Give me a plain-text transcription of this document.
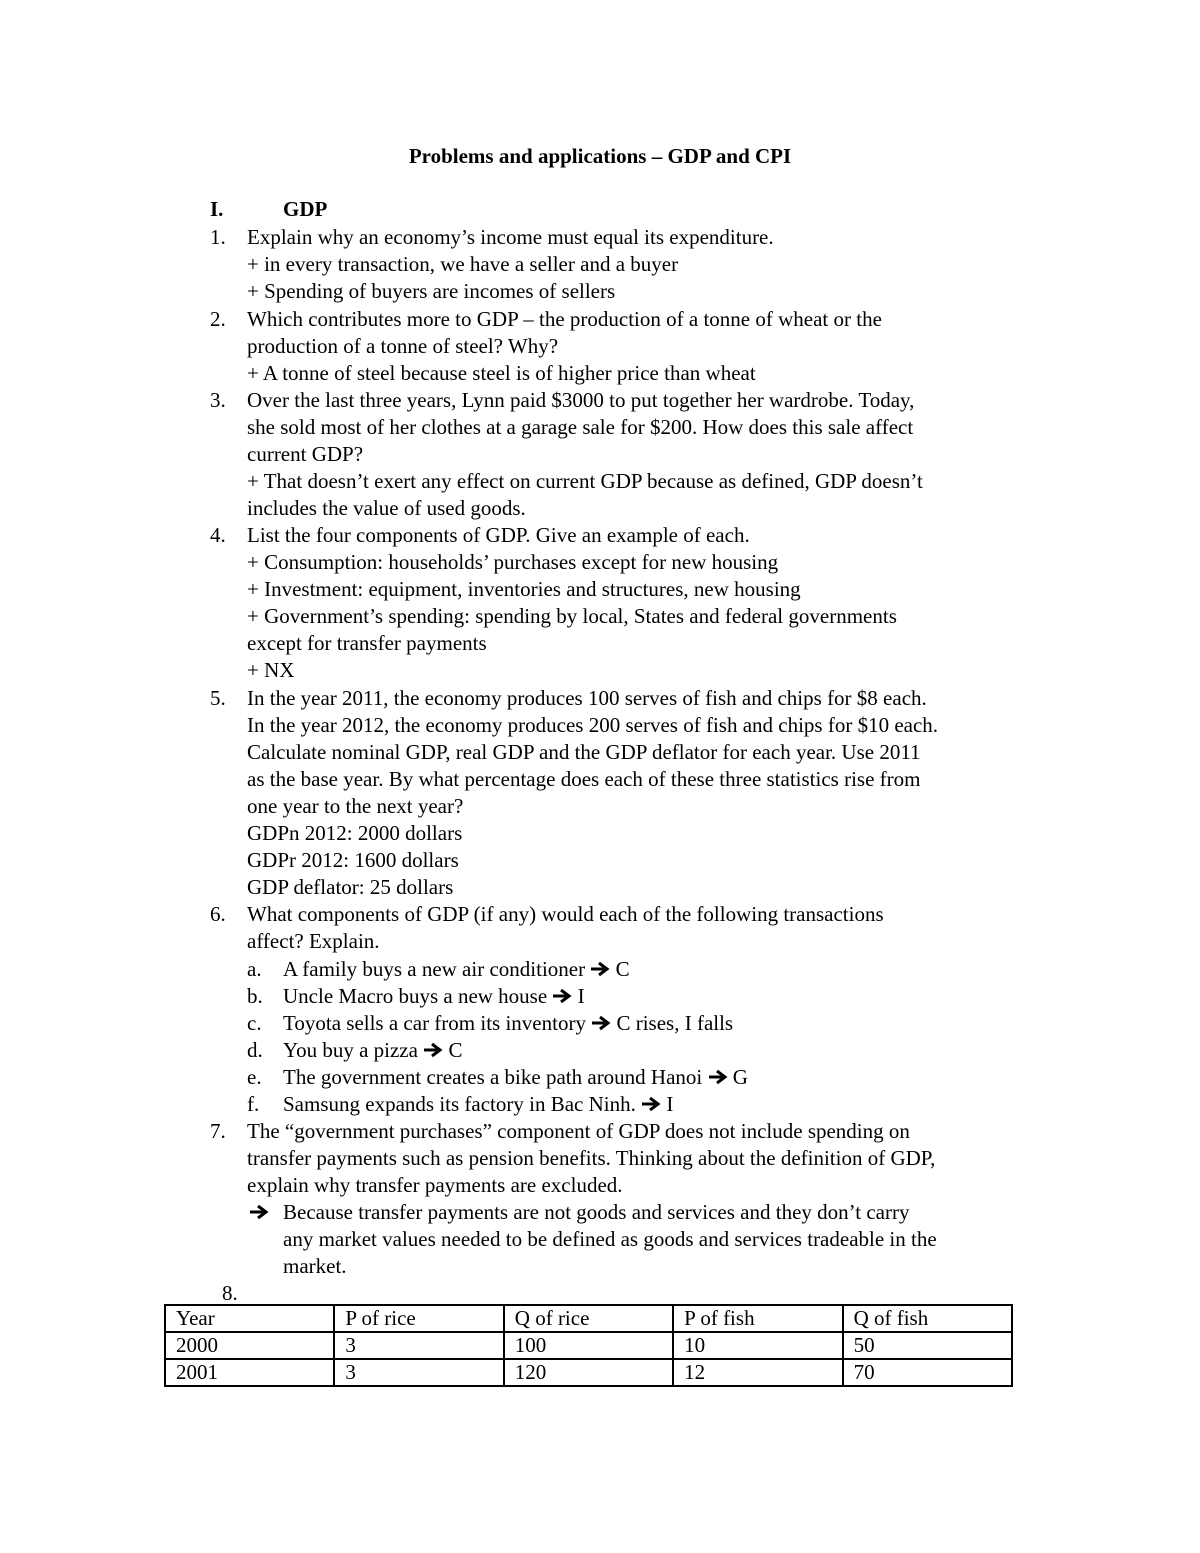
Problems and applications – GDP and CPI
I.	GDP
1. Explain why an economy’s income must equal its expenditure.
+ in every transaction, we have a seller and a buyer
+ Spending of buyers are incomes of sellers
2. Which contributes more to GDP – the production of a tonne of wheat or the
production of a tonne of steel? Why?
+ A tonne of steel because steel is of higher price than wheat
3. Over the last three years, Lynn paid $3000 to put together her wardrobe. Today,
she sold most of her clothes at a garage sale for $200. How does this sale affect
current GDP?
+ That doesn’t exert any effect on current GDP because as defined, GDP doesn’t
includes the value of used goods.
4. List the four components of GDP. Give an example of each.
+ Consumption: households’ purchases except for new housing
+ Investment: equipment, inventories and structures, new housing
+ Government’s spending: spending by local, States and federal governments
except for transfer payments
+ NX
5. In the year 2011, the economy produces 100 serves of fish and chips for $8 each.
In the year 2012, the economy produces 200 serves of fish and chips for $10 each.
Calculate nominal GDP, real GDP and the GDP deflator for each year. Use 2011
as the base year. By what percentage does each of these three statistics rise from
one year to the next year?
GDPn 2012: 2000 dollars
GDPr 2012: 1600 dollars
GDP deflator: 25 dollars
6. What components of GDP (if any) would each of the following transactions
affect? Explain.
a. A family buys a new air conditioner C
b. Uncle Macro buys a new house I
c. Toyota sells a car from its inventory C rises, I falls
d. You buy a pizza C
e. The government creates a bike path around Hanoi G
f. Samsung expands its factory in Bac Ninh. I
7. The “government purchases” component of GDP does not include spending on
transfer payments such as pension benefits. Thinking about the definition of GDP,
explain why transfer payments are excluded.
Because transfer payments are not goods and services and they don’t carry
any market values needed to be defined as goods and services tradeable in the
market.
8.
Year	P of rice	Q of rice	P of fish	Q of fish
2000	3	100	10	50
2001	3	120	12	70
